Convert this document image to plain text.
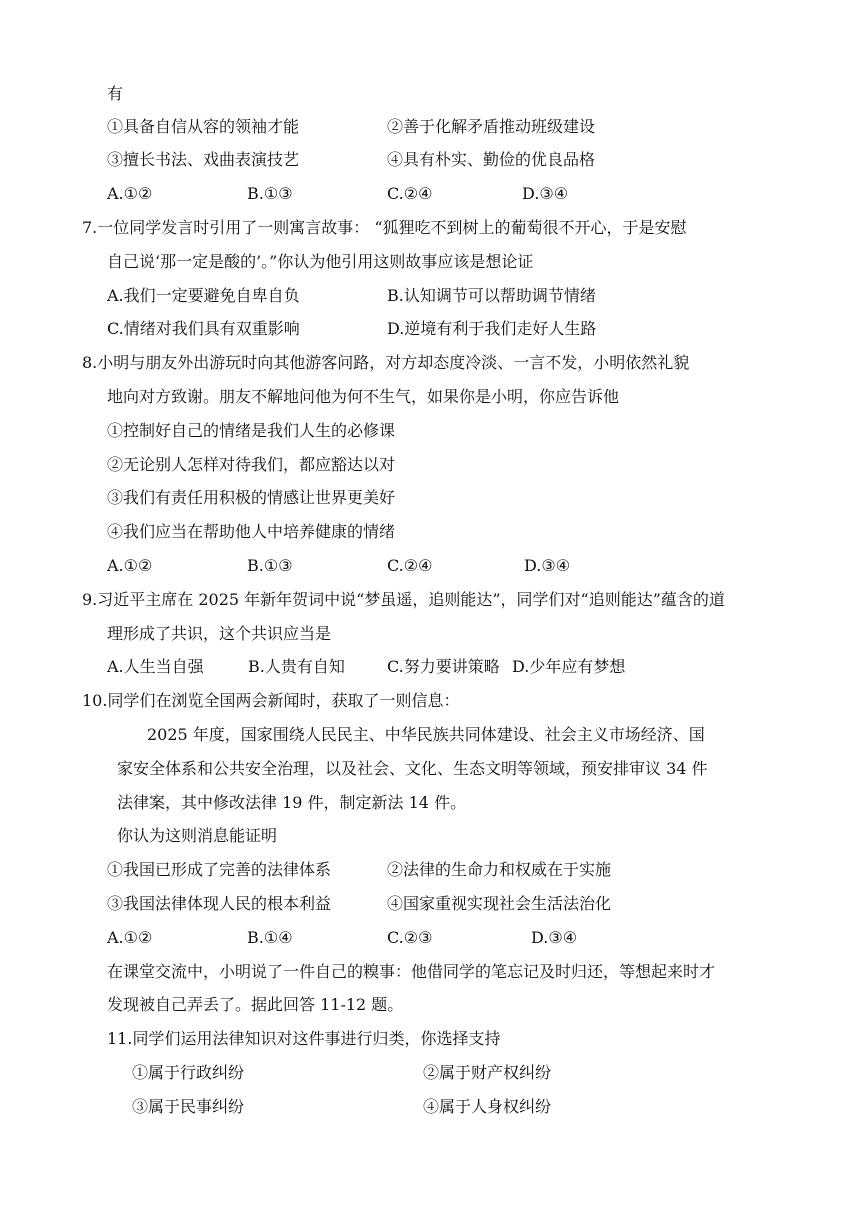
有
①具备自信从容的领袖才能	②善于化解矛盾推动班级建设
③擅长书法、戏曲表演技艺	④具有朴实、勤俭的优良品格
A.①②	B.①③	C.②④	D.③④
7.一位同学发言时引用了一则寓言故事： “狐狸吃不到树上的葡萄很不开心，于是安慰
自己说‘那一定是酸的’。”你认为他引用这则故事应该是想论证
A.我们一定要避免自卑自负	B.认知调节可以帮助调节情绪
C.情绪对我们具有双重影响	D.逆境有利于我们走好人生路
8.小明与朋友外出游玩时向其他游客问路，对方却态度冷淡、一言不发，小明依然礼貌
地向对方致谢。朋友不解地问他为何不生气，如果你是小明，你应告诉他
①控制好自己的情绪是我们人生的必修课
②无论别人怎样对待我们，都应豁达以对
③我们有责任用积极的情感让世界更美好
④我们应当在帮助他人中培养健康的情绪
A.①②	B.①③	C.②④	D.③④
9.习近平主席在 2025 年新年贺词中说“梦虽遥，追则能达”，同学们对“追则能达”蕴含的道
理形成了共识，这个共识应当是
A.人生当自强	B.人贵有自知	C.努力要讲策略 D.少年应有梦想
10.同学们在浏览全国两会新闻时，获取了一则信息：
2025 年度，国家围绕人民民主、中华民族共同体建设、社会主义市场经济、国
家安全体系和公共安全治理，以及社会、文化、生态文明等领域，预安排审议 34 件
法律案，其中修改法律 19 件，制定新法 14 件。
你认为这则消息能证明
①我国已形成了完善的法律体系	②法律的生命力和权威在于实施
③我国法律体现人民的根本利益	④国家重视实现社会生活法治化
A.①②	B.①④	C.②③	D.③④
在课堂交流中，小明说了一件自己的糗事：他借同学的笔忘记及时归还，等想起来时才
发现被自己弄丢了。据此回答 11-12 题。
11.同学们运用法律知识对这件事进行归类，你选择支持
①属于行政纠纷	②属于财产权纠纷
③属于民事纠纷	④属于人身权纠纷
